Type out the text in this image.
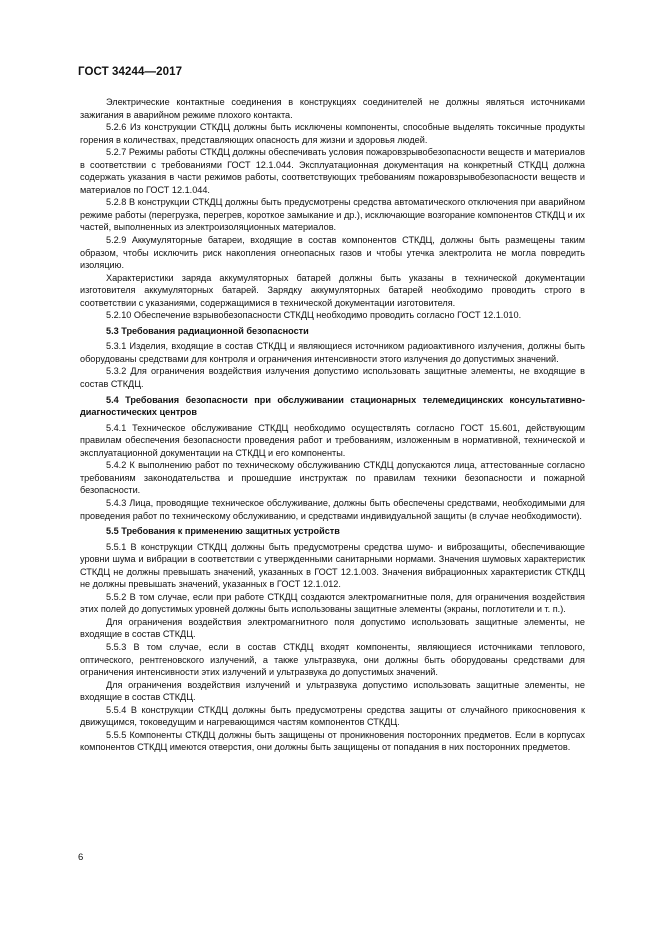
ГОСТ 34244—2017

Электрические контактные соединения в конструкциях соединителей не должны являться источниками зажигания в аварийном режиме плохого контакта.

5.2.6 Из конструкции СТКДЦ должны быть исключены компоненты, способные выделять токсичные продукты горения в количествах, представляющих опасность для жизни и здоровья людей.

5.2.7 Режимы работы СТКДЦ должны обеспечивать условия пожаровзрывобезопасности веществ и материалов в соответствии с требованиями ГОСТ 12.1.044. Эксплуатационная документация на конкретный СТКДЦ должна содержать указания в части режимов работы, соответствующих требованиям пожаровзрывобезопасности веществ и материалов по ГОСТ 12.1.044.

5.2.8 В конструкции СТКДЦ должны быть предусмотрены средства автоматического отключения при аварийном режиме работы (перегрузка, перегрев, короткое замыкание и др.), исключающие возгорание компонентов СТКДЦ и их частей, выполненных из электроизоляционных материалов.

5.2.9 Аккумуляторные батареи, входящие в состав компонентов СТКДЦ, должны быть размещены таким образом, чтобы исключить риск накопления огнеопасных газов и чтобы утечка электролита не могла повредить изоляцию.

Характеристики заряда аккумуляторных батарей должны быть указаны в технической документации изготовителя аккумуляторных батарей. Зарядку аккумуляторных батарей необходимо проводить строго в соответствии с указаниями, содержащимися в технической документации изготовителя.

5.2.10 Обеспечение взрывобезопасности СТКДЦ необходимо проводить согласно ГОСТ 12.1.010.

5.3 Требования радиационной безопасности

5.3.1 Изделия, входящие в состав СТКДЦ и являющиеся источником радиоактивного излучения, должны быть оборудованы средствами для контроля и ограничения интенсивности этого излучения до допустимых значений.

5.3.2 Для ограничения воздействия излучения допустимо использовать защитные элементы, не входящие в состав СТКДЦ.

5.4 Требования безопасности при обслуживании стационарных телемедицинских консультативно-диагностических центров

5.4.1 Техническое обслуживание СТКДЦ необходимо осуществлять согласно ГОСТ 15.601, действующим правилам обеспечения безопасности проведения работ и требованиям, изложенным в нормативной, технической и эксплуатационной документации на СТКДЦ и его компоненты.

5.4.2 К выполнению работ по техническому обслуживанию СТКДЦ допускаются лица, аттестованные согласно требованиям законодательства и прошедшие инструктаж по правилам техники безопасности и пожарной безопасности.

5.4.3 Лица, проводящие техническое обслуживание, должны быть обеспечены средствами, необходимыми для проведения работ по техническому обслуживанию, и средствами индивидуальной защиты (в случае необходимости).

5.5 Требования к применению защитных устройств

5.5.1 В конструкции СТКДЦ должны быть предусмотрены средства шумо- и виброзащиты, обеспечивающие уровни шума и вибрации в соответствии с утвержденными санитарными нормами. Значения шумовых характеристик СТКДЦ не должны превышать значений, указанных в ГОСТ 12.1.003. Значения вибрационных характеристик СТКДЦ не должны превышать значений, указанных в ГОСТ 12.1.012.

5.5.2 В том случае, если при работе СТКДЦ создаются электромагнитные поля, для ограничения воздействия этих полей до допустимых уровней должны быть использованы защитные элементы (экраны, поглотители и т. п.).

Для ограничения воздействия электромагнитного поля допустимо использовать защитные элементы, не входящие в состав СТКДЦ.

5.5.3 В том случае, если в состав СТКДЦ входят компоненты, являющиеся источниками теплового, оптического, рентгеновского излучений, а также ультразвука, они должны быть оборудованы средствами для ограничения интенсивности этих излучений и ультразвука до допустимых значений.

Для ограничения воздействия излучений и ультразвука допустимо использовать защитные элементы, не входящие в состав СТКДЦ.

5.5.4 В конструкции СТКДЦ должны быть предусмотрены средства защиты от случайного прикосновения к движущимся, токоведущим и нагревающимся частям компонентов СТКДЦ.

5.5.5 Компоненты СТКДЦ должны быть защищены от проникновения посторонних предметов. Если в корпусах компонентов СТКДЦ имеются отверстия, они должны быть защищены от попадания в них посторонних предметов.

6
